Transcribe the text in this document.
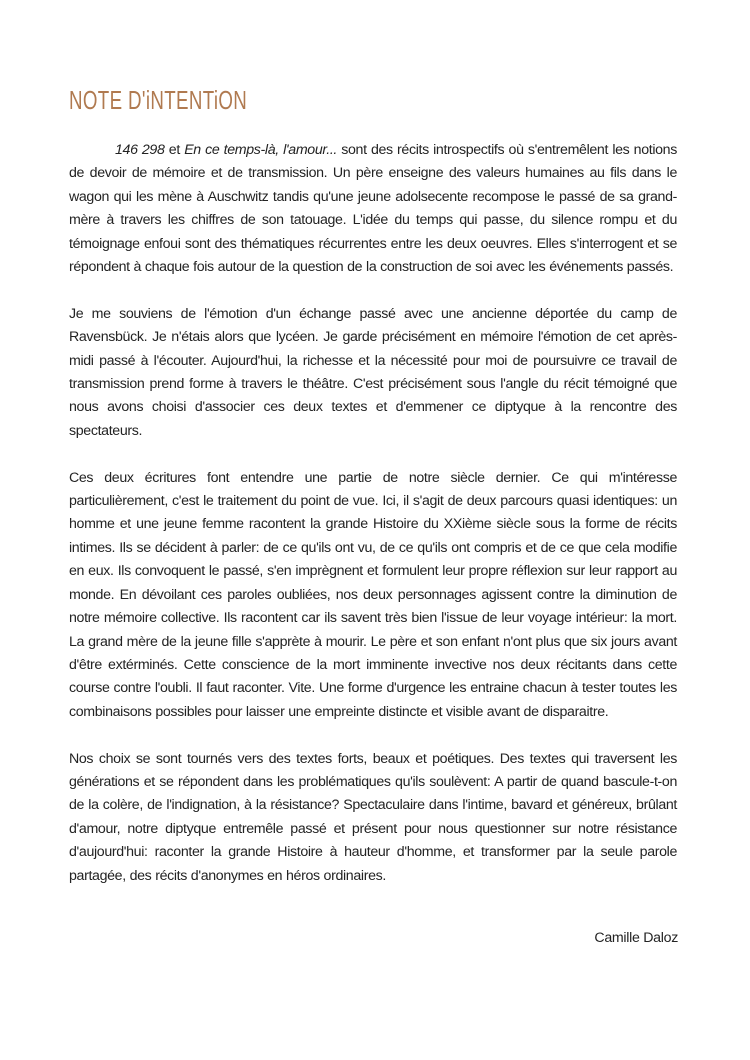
NOTE D'iNTENTiON

146 298 et En ce temps-là, l'amour... sont des récits introspectifs où s'entremêlent les notions de devoir de mémoire et de transmission. Un père enseigne des valeurs humaines au fils dans le wagon qui les mène à Auschwitz tandis qu'une jeune adolsecente recompose le passé de sa grand-mère à travers les chiffres de son tatouage. L'idée du temps qui passe, du silence rompu et du témoignage enfoui sont des thématiques récurrentes entre les deux oeuvres. Elles s'interrogent et se répondent à chaque fois autour de la question de la construction de soi avec les événements passés.

Je me souviens de l'émotion d'un échange passé avec une ancienne déportée du camp de Ravensbück. Je n'étais alors que lycéen. Je garde précisément en mémoire l'émotion de cet après-midi passé à l'écouter. Aujourd'hui, la richesse et la nécessité pour moi de poursuivre ce travail de transmission prend forme à travers le théâtre. C'est précisément sous l'angle du récit témoigné que nous avons choisi d'associer ces deux textes et d'emmener ce diptyque à la rencontre des spectateurs.

Ces deux écritures font entendre une partie de notre siècle dernier. Ce qui m'intéresse particulièrement, c'est le traitement du point de vue. Ici, il s'agit de deux parcours quasi identiques: un homme et une jeune femme racontent la grande Histoire du XXième siècle sous la forme de récits intimes. Ils se décident à parler: de ce qu'ils ont vu, de ce qu'ils ont compris et de ce que cela modifie en eux. Ils convoquent le passé, s'en imprègnent et formulent leur propre réflexion sur leur rapport au monde. En dévoilant ces paroles oubliées, nos deux personnages agissent contre la diminution de notre mémoire collective. Ils racontent car ils savent très bien l'issue de leur voyage intérieur: la mort. La grand mère de la jeune fille s'apprète à mourir. Le père et son enfant n'ont plus que six jours avant d'être extérminés. Cette conscience de la mort imminente invective nos deux récitants dans cette course contre l'oubli. Il faut raconter. Vite. Une forme d'urgence les entraine chacun à tester toutes les combinaisons possibles pour laisser une empreinte distincte et visible avant de disparaitre.

Nos choix se sont tournés vers des textes forts, beaux et poétiques. Des textes qui traversent les générations et se répondent dans les problématiques qu'ils soulèvent: A partir de quand bascule-t-on de la colère, de l'indignation, à la résistance? Spectaculaire dans l'intime, bavard et généreux, brûlant d'amour, notre diptyque entremêle passé et présent pour nous questionner sur notre résistance d'aujourd'hui: raconter la grande Histoire à hauteur d'homme, et transformer par la seule parole partagée, des récits d'anonymes en héros ordinaires.

Camille Daloz
